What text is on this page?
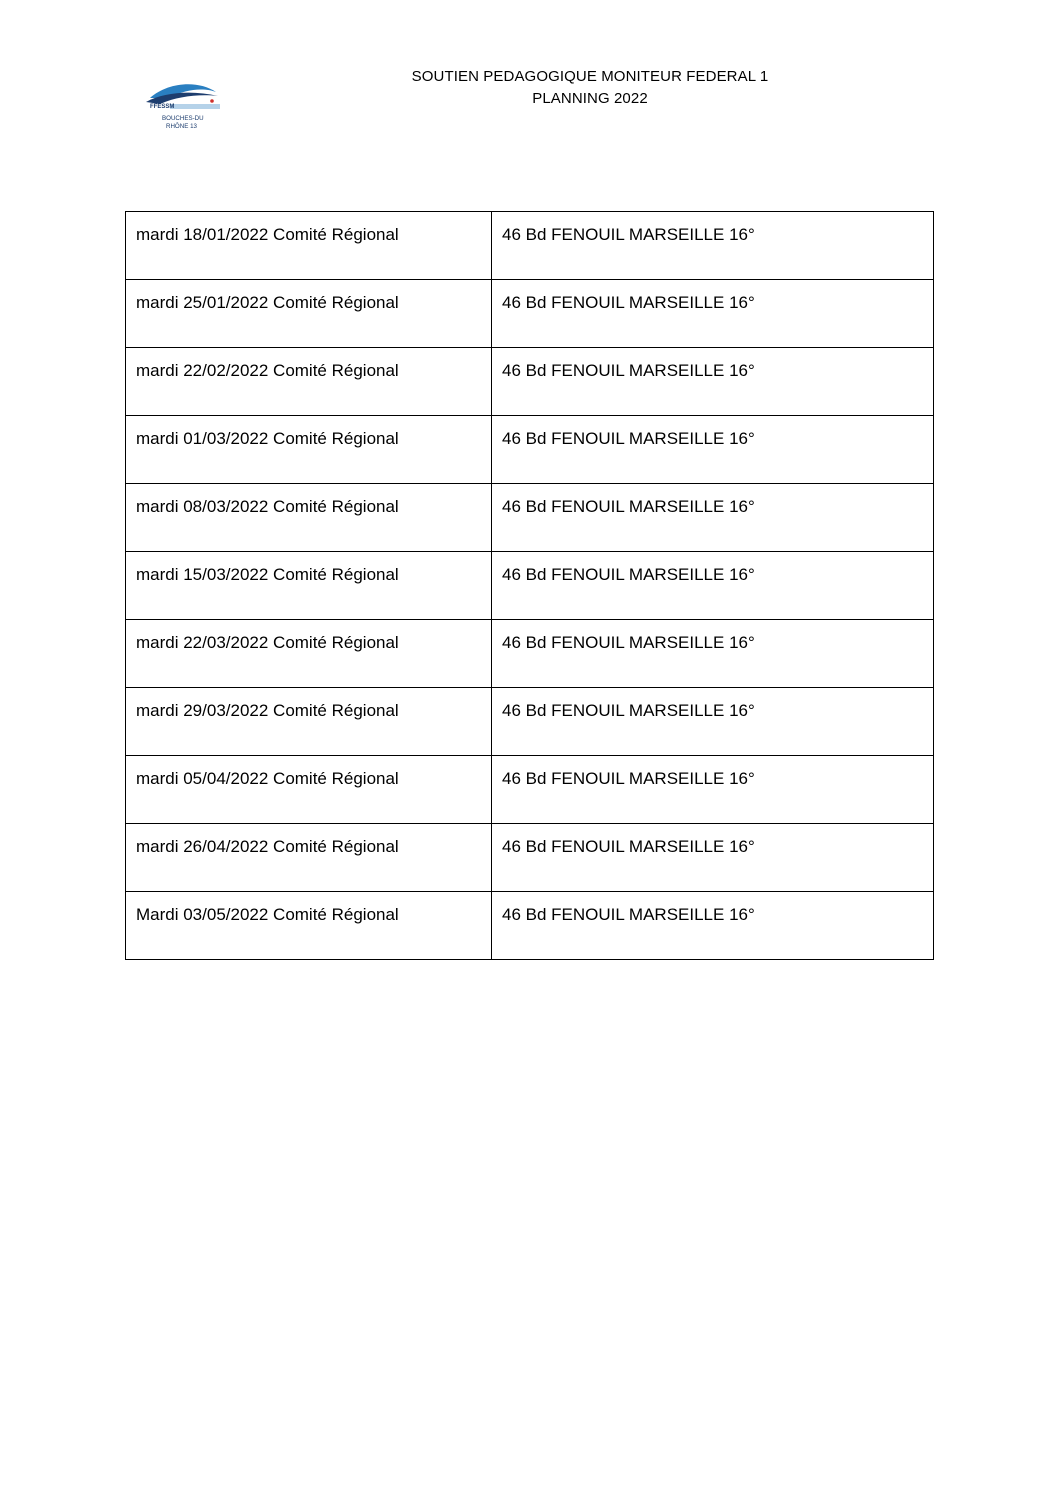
FFESSM
BOUCHES-DU
RHÔNE 13
SOUTIEN PEDAGOGIQUE MONITEUR FEDERAL 1
PLANNING 2022
mardi 18/01/2022 Comité Régional	46 Bd FENOUIL MARSEILLE 16°
mardi 25/01/2022 Comité Régional	46 Bd FENOUIL MARSEILLE 16°
mardi 22/02/2022 Comité Régional	46 Bd FENOUIL MARSEILLE 16°
mardi 01/03/2022 Comité Régional	46 Bd FENOUIL MARSEILLE 16°
mardi 08/03/2022 Comité Régional	46 Bd FENOUIL MARSEILLE 16°
mardi 15/03/2022 Comité Régional	46 Bd FENOUIL MARSEILLE 16°
mardi 22/03/2022 Comité Régional	46 Bd FENOUIL MARSEILLE 16°
mardi 29/03/2022 Comité Régional	46 Bd FENOUIL MARSEILLE 16°
mardi 05/04/2022 Comité Régional	46 Bd FENOUIL MARSEILLE 16°
mardi 26/04/2022 Comité Régional	46 Bd FENOUIL MARSEILLE 16°
Mardi 03/05/2022 Comité Régional	46 Bd FENOUIL MARSEILLE 16°
